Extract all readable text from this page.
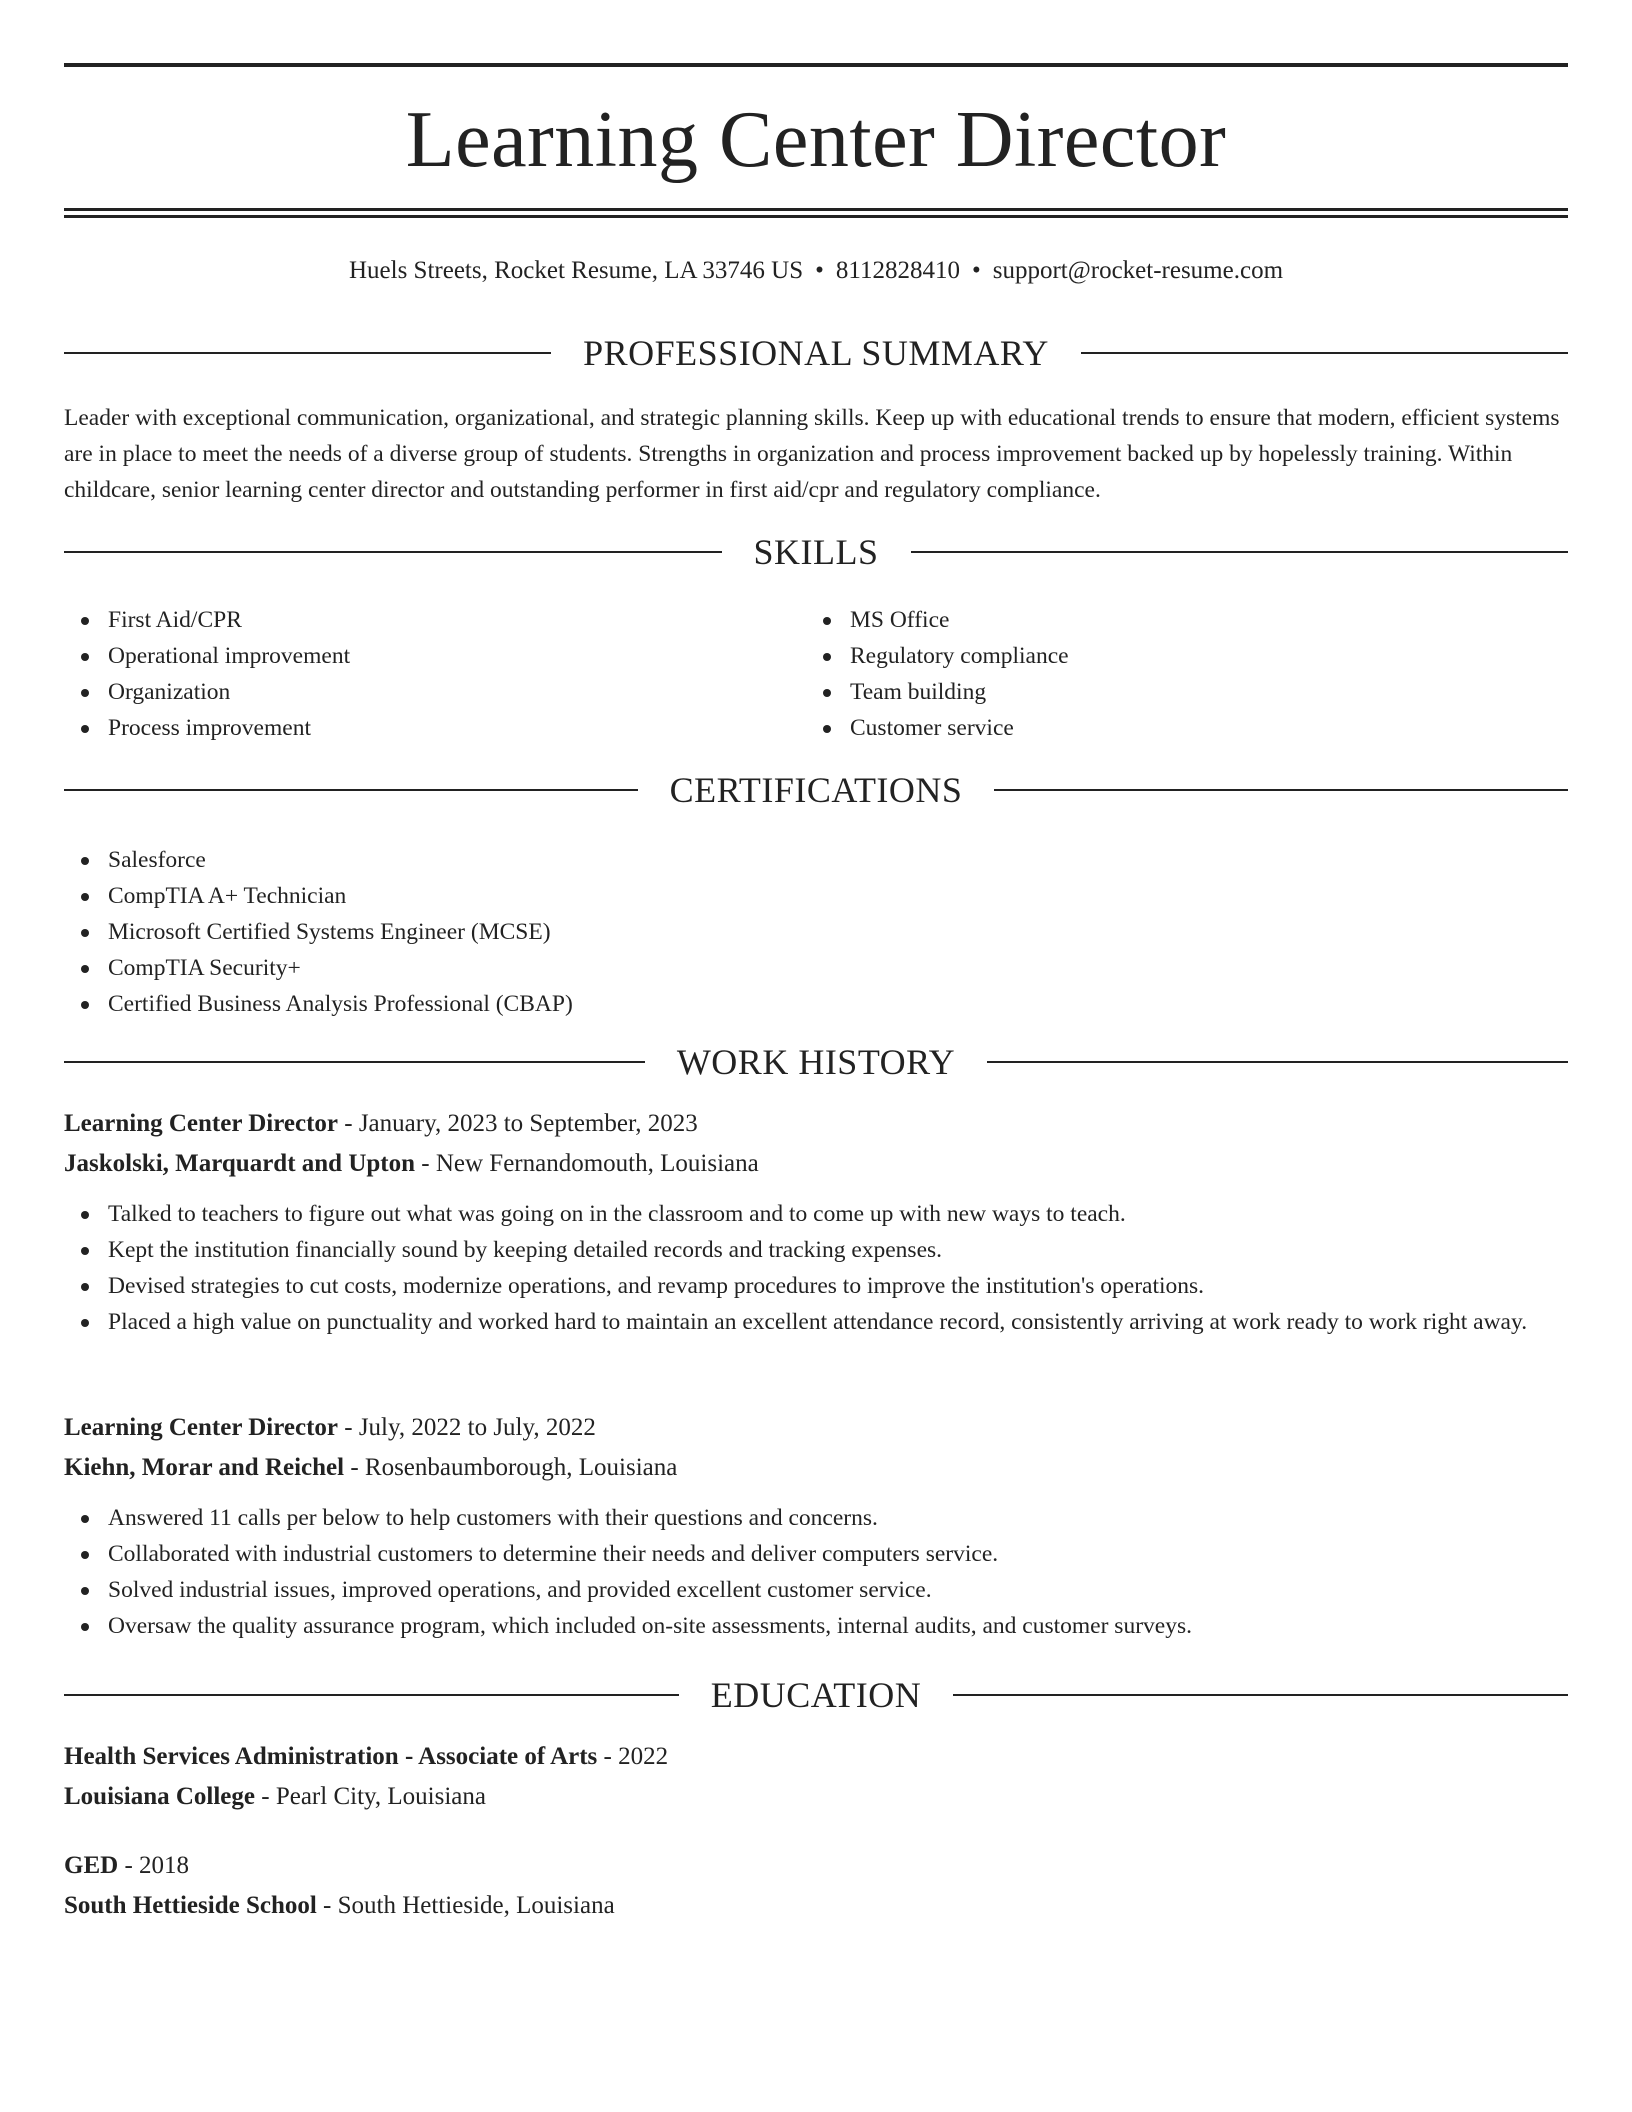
Learning Center Director
Huels Streets, Rocket Resume, LA 33746 US • 8112828410 • support@rocket-resume.com
PROFESSIONAL SUMMARY

Leader with exceptional communication, organizational, and strategic planning skills. Keep up with educational trends to ensure that modern, efficient systems are in place to meet the needs of a diverse group of students. Strengths in organization and process improvement backed up by hopelessly training. Within childcare, senior learning center director and outstanding performer in first aid/cpr and regulatory compliance.

SKILLS
First Aid/CPR
Operational improvement
Organization
Process improvement
MS Office
Regulatory compliance
Team building
Customer service
CERTIFICATIONS
Salesforce
CompTIA A+ Technician
Microsoft Certified Systems Engineer (MCSE)
CompTIA Security+
Certified Business Analysis Professional (CBAP)
WORK HISTORY
Learning Center Director - January, 2023 to September, 2023
Jaskolski, Marquardt and Upton - New Fernandomouth, Louisiana
Talked to teachers to figure out what was going on in the classroom and to come up with new ways to teach.
Kept the institution financially sound by keeping detailed records and tracking expenses.
Devised strategies to cut costs, modernize operations, and revamp procedures to improve the institution's operations.
Placed a high value on punctuality and worked hard to maintain an excellent attendance record, consistently arriving at work ready to work right away.
Learning Center Director - July, 2022 to July, 2022
Kiehn, Morar and Reichel - Rosenbaumborough, Louisiana
Answered 11 calls per below to help customers with their questions and concerns.
Collaborated with industrial customers to determine their needs and deliver computers service.
Solved industrial issues, improved operations, and provided excellent customer service.
Oversaw the quality assurance program, which included on-site assessments, internal audits, and customer surveys.
EDUCATION
Health Services Administration - Associate of Arts - 2022
Louisiana College - Pearl City, Louisiana
GED - 2018
South Hettieside School - South Hettieside, Louisiana
